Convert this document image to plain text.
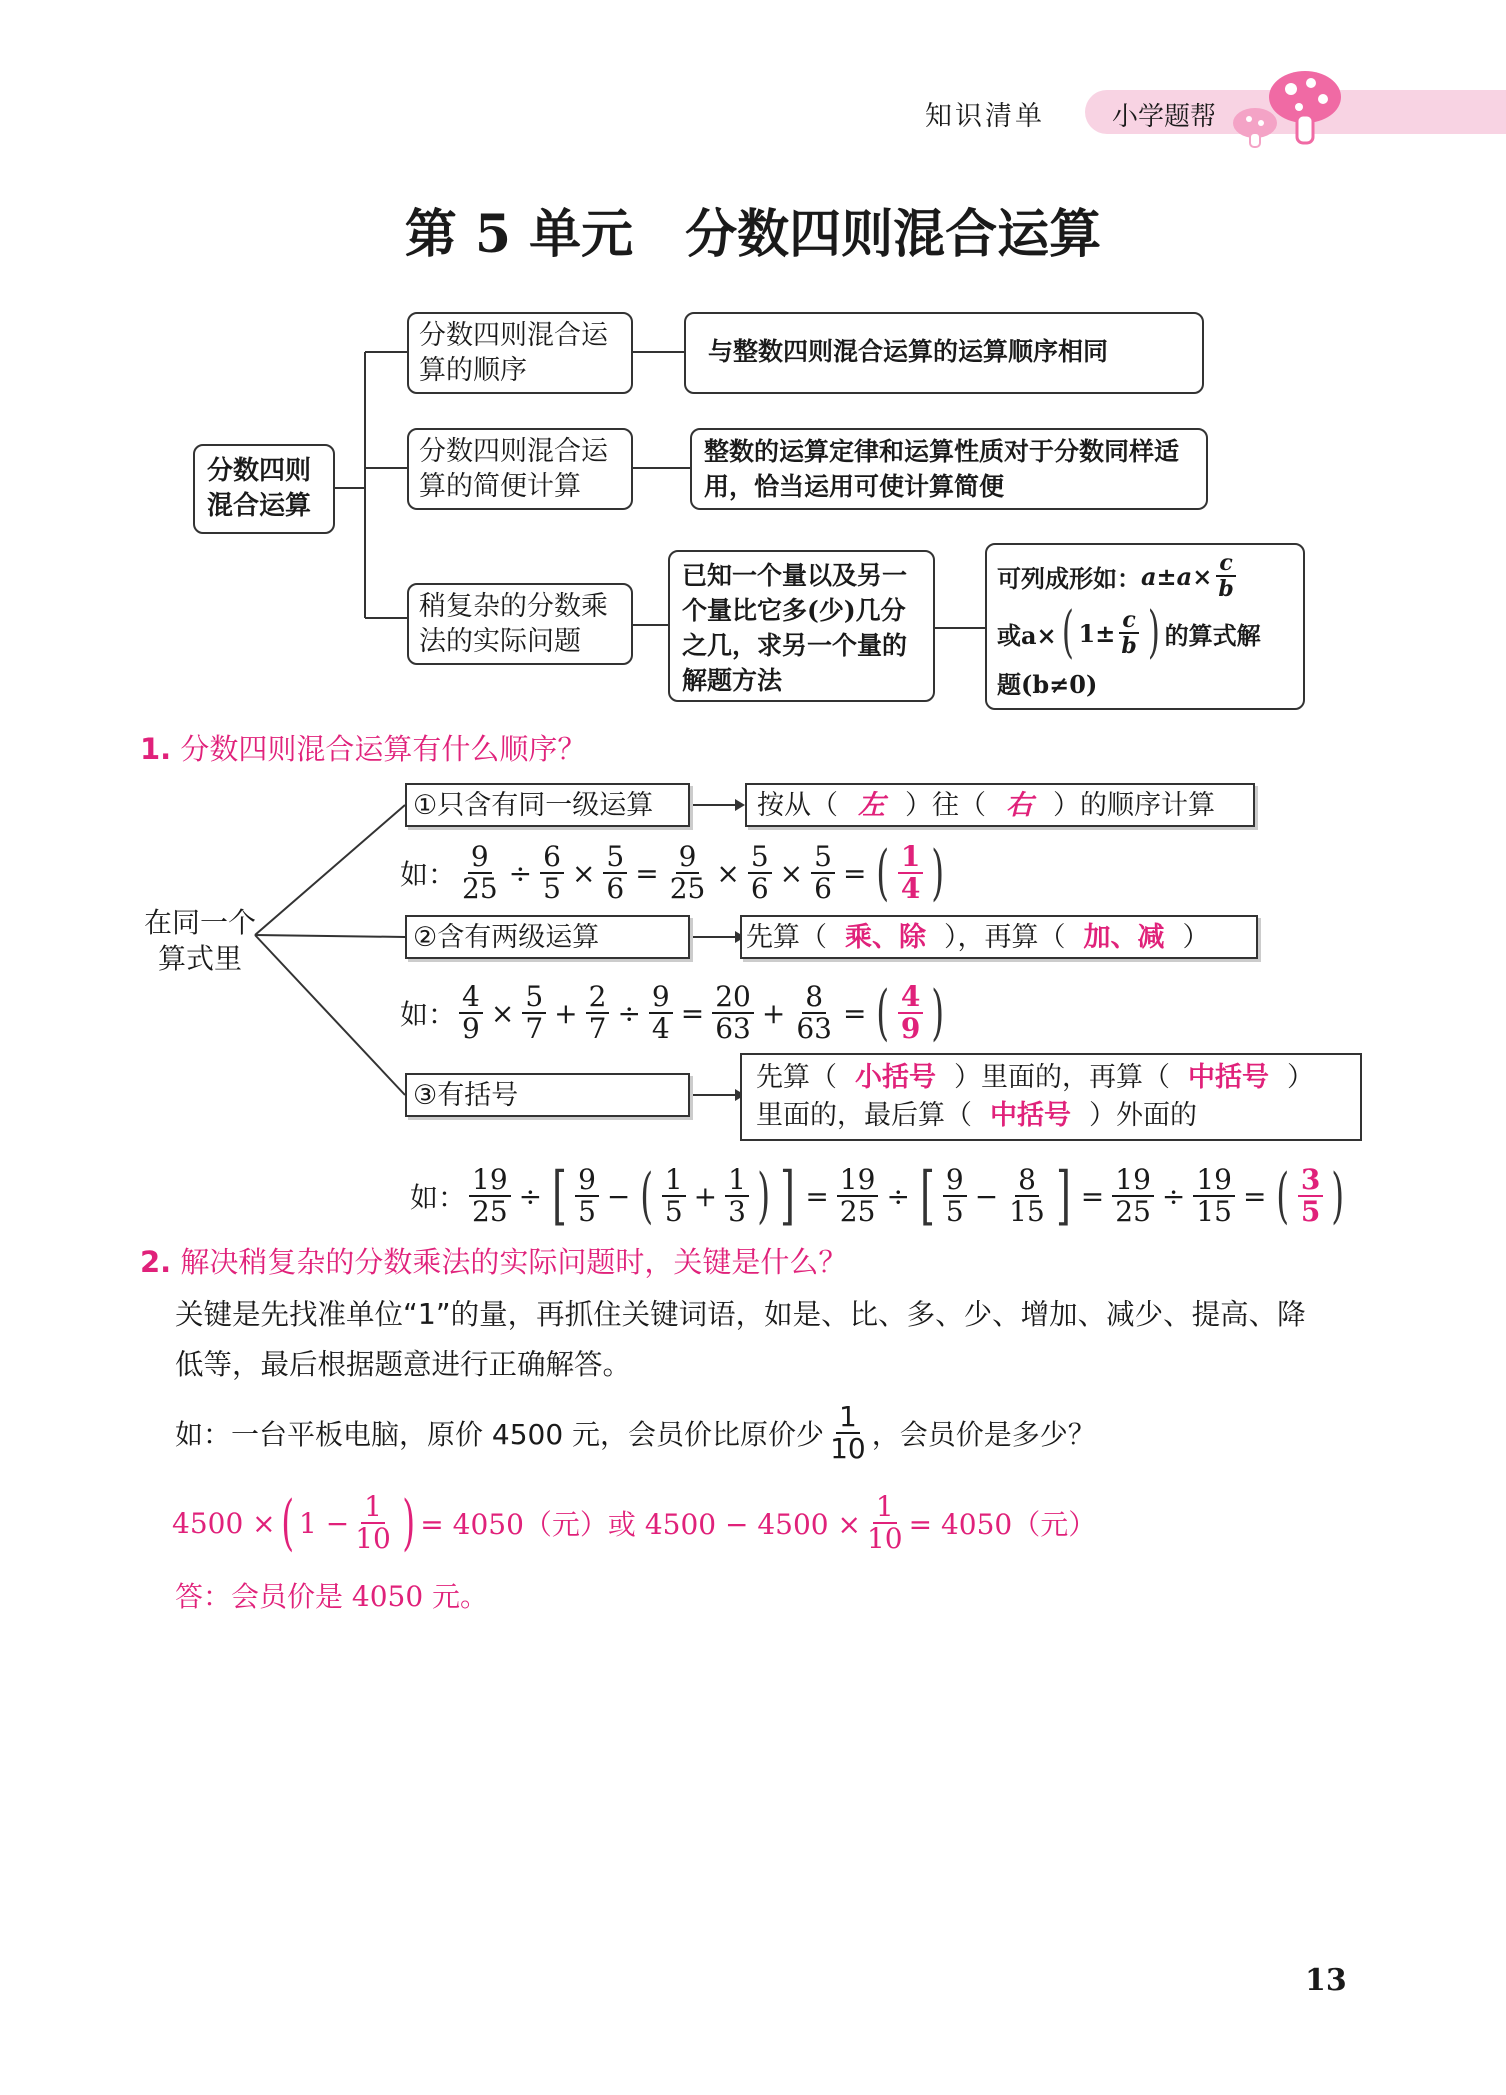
知识清单	小学题帮
第 5 单元　分数四则混合运算
分数四则混合运算
分数四则混合运算的顺序
与整数四则混合运算的运算顺序相同
分数四则混合运算的简便计算
整数的运算定律和运算性质对于分数同样适用，恰当运用可使计算简便
稍复杂的分数乘法的实际问题
已知一个量以及另一个量比它多(少)几分之几，求另一个量的解题方法
可列成形如： $a\pm a\times \frac{c}{b}$
或a× ( $1\pm \frac{c}{b}$ ) 的算式解
题(b≠0)
1. 分数四则混合运算有什么顺序？
在同一个算式里
①只含有同一级运算	按从（ 左 ）往（ 右 ）的顺序计算
如： $\frac{9}{25} \div \frac{6}{5} \times \frac{5}{6} = \frac{9}{25} \times \frac{5}{6} \times \frac{5}{6}$ = ( $\frac{1}{4}$ )
②含有两级运算	先算（ 乘、除 ），再算（ 加、减 ）
如： $\frac{4}{9} \times \frac{5}{7} + \frac{2}{7} \div \frac{9}{4} = \frac{20}{63} + \frac{8}{63}$ = ( $\frac{4}{9}$ )
③有括号
先算（ 小括号 ）里面的，再算（ 中括号 ）
里面的，最后算（ 中括号 ）外面的
如： $\frac{19}{25}$ ÷ [ $\frac{9}{5}$ − ( $\frac{1}{5} + \frac{1}{3}$ ) ] = $\frac{19}{25}$ ÷ [ $\frac{9}{5} - \frac{8}{15}$ ] = $\frac{19}{25} \div \frac{19}{15}$ = ( $\frac{3}{5}$ )
2. 解决稍复杂的分数乘法的实际问题时，关键是什么？
关键是先找准单位“1”的量，再抓住关键词语，如是、比、多、少、增加、减少、提高、降
低等，最后根据题意进行正确解答。
如：一台平板电脑，原价 4500 元，会员价比原价少 $\frac{1}{10}$ ，会员价是多少？
4500 × ( $1 - \frac{1}{10}$ ) = 4050（元）或 $4500 - 4500 \times \frac{1}{10} = 4050$（元）
答：会员价是 4050 元。
13
